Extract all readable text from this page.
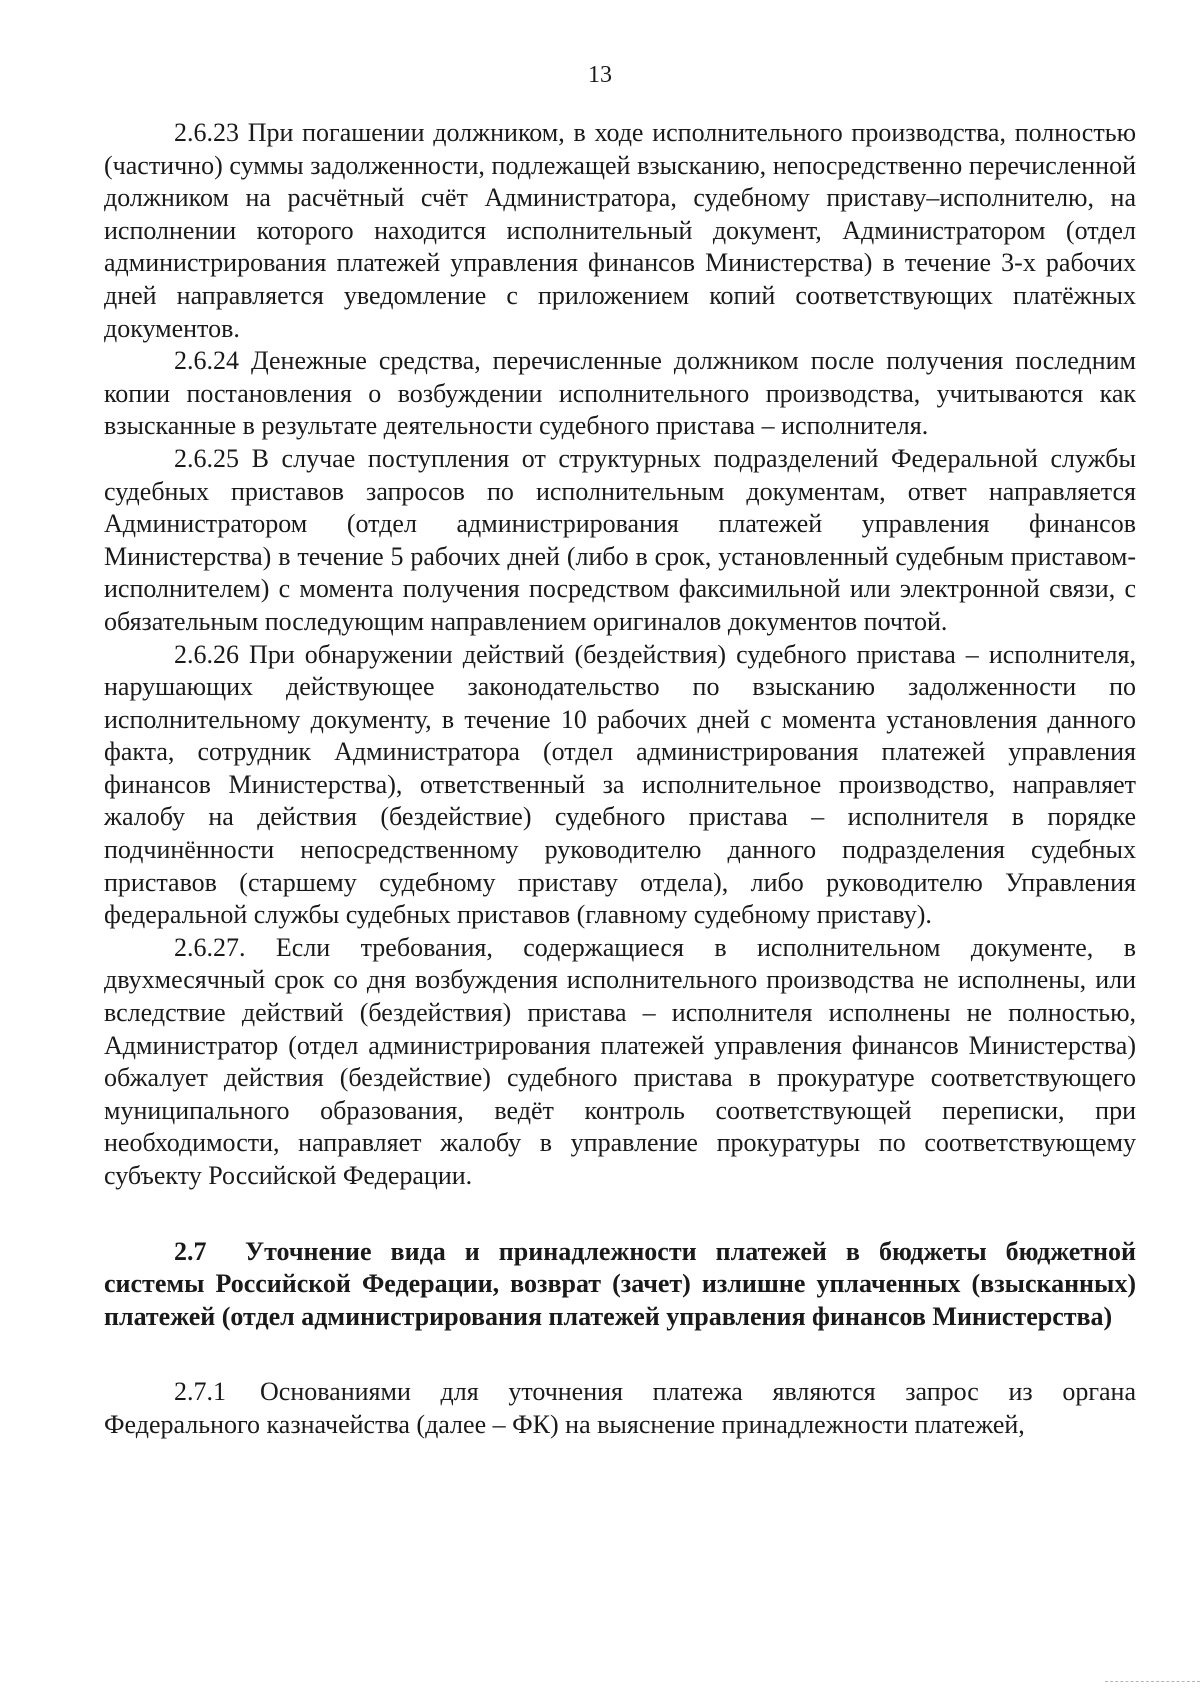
13

2.6.23 При погашении должником, в ходе исполнительного производства, полностью (частично) суммы задолженности, подлежащей взысканию, непосредственно перечисленной должником на расчётный счёт Администратора, судебному приставу–исполнителю, на исполнении которого находится исполнительный документ, Администратором (отдел администрирования платежей управления финансов Министерства) в течение 3-х рабочих дней направляется уведомление с приложением копий соответствующих платёжных документов.

2.6.24 Денежные средства, перечисленные должником после получения последним копии постановления о возбуждении исполнительного производства, учитываются как взысканные в результате деятельности судебного пристава – исполнителя.

2.6.25 В случае поступления от структурных подразделений Федеральной службы судебных приставов запросов по исполнительным документам, ответ направляется Администратором (отдел администрирования платежей управления финансов Министерства) в течение 5 рабочих дней (либо в срок, установленный судебным приставом-исполнителем) с момента получения посредством факсимильной или электронной связи, с обязательным последующим направлением оригиналов документов почтой.

2.6.26 При обнаружении действий (бездействия) судебного пристава – исполнителя, нарушающих действующее законодательство по взысканию задолженности по исполнительному документу, в течение 10 рабочих дней с момента установления данного факта, сотрудник Администратора (отдел администрирования платежей управления финансов Министерства), ответственный за исполнительное производство, направляет жалобу на действия (бездействие) судебного пристава – исполнителя в порядке подчинённости непосредственному руководителю данного подразделения судебных приставов (старшему судебному приставу отдела), либо руководителю Управления федеральной службы судебных приставов (главному судебному приставу).

2.6.27. Если требования, содержащиеся в исполнительном документе, в двухмесячный срок со дня возбуждения исполнительного производства не исполнены, или вследствие действий (бездействия) пристава – исполнителя исполнены не полностью, Администратор (отдел администрирования платежей управления финансов Министерства) обжалует действия (бездействие) судебного пристава в прокуратуре соответствующего муниципального образования, ведёт контроль соответствующей переписки, при необходимости, направляет жалобу в управление прокуратуры по соответствующему субъекту Российской Федерации.

2.7 Уточнение вида и принадлежности платежей в бюджеты бюджетной системы Российской Федерации, возврат (зачет) излишне уплаченных (взысканных) платежей (отдел администрирования платежей управления финансов Министерства)

2.7.1 Основаниями для уточнения платежа являются запрос из органа Федерального казначейства (далее – ФК) на выяснение принадлежности платежей,
